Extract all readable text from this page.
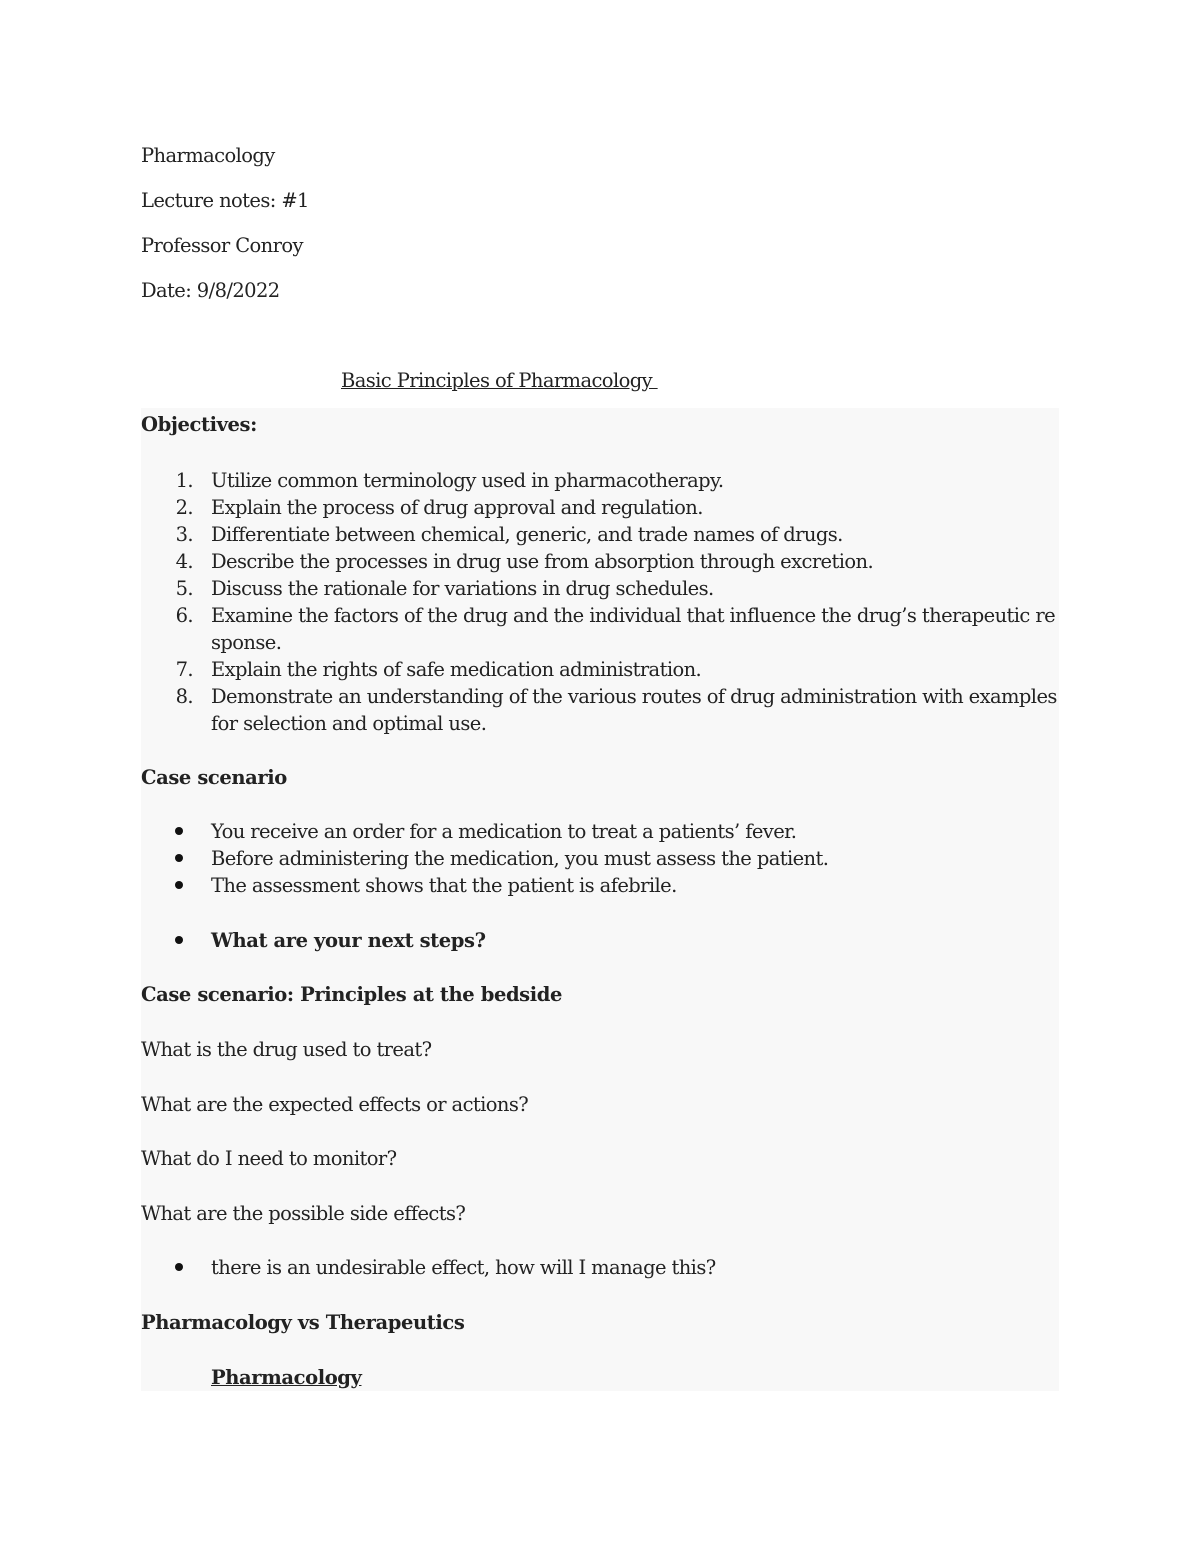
Pharmacology
Lecture notes: #1
Professor Conroy
Date: 9/8/2022
Basic Principles of Pharmacology
Objectives:
1. Utilize common terminology used in pharmacotherapy.
2. Explain the process of drug approval and regulation.
3. Differentiate between chemical, generic, and trade names of drugs.
4. Describe the processes in drug use from absorption through excretion.
5. Discuss the rationale for variations in drug schedules.
6. Examine the factors of the drug and the individual that influence the drug’s therapeutic re
sponse.
7. Explain the rights of safe medication administration.
8. Demonstrate an understanding of the various routes of drug administration with examples
for selection and optimal use.
Case scenario
You receive an order for a medication to treat a patients’ fever.
Before administering the medication, you must assess the patient.
The assessment shows that the patient is afebrile.
What are your next steps?
Case scenario: Principles at the bedside
What is the drug used to treat?
What are the expected effects or actions?
What do I need to monitor?
What are the possible side effects?
there is an undesirable effect, how will I manage this?
Pharmacology vs Therapeutics
Pharmacology
